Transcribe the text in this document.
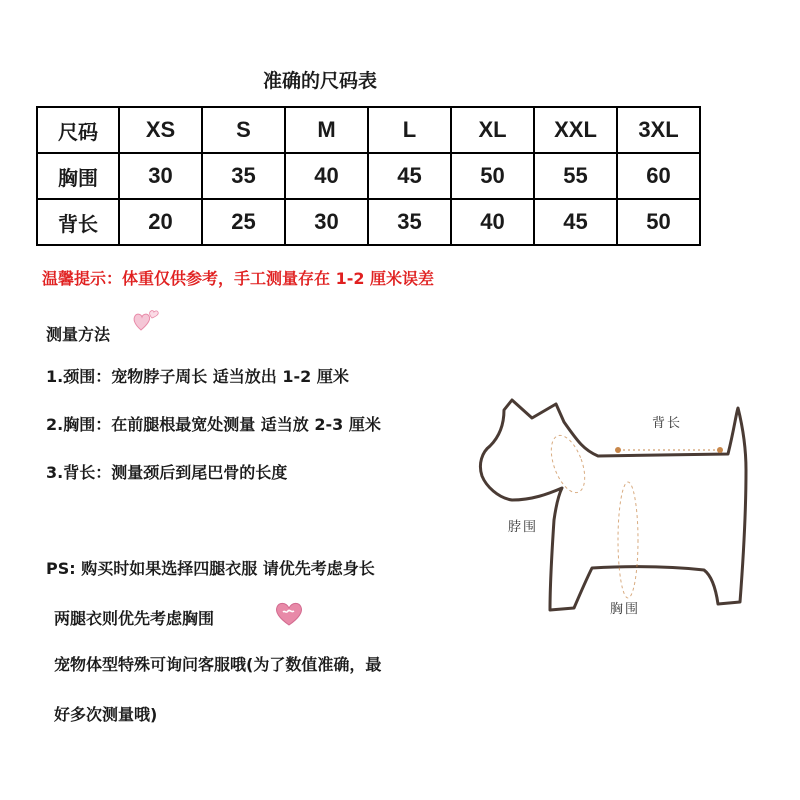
准确的尺码表
尺码	XS	S	M	L	XL	XXL	3XL
胸围	30	35	40	45	50	55	60
背长	20	25	30	35	40	45	50
温馨提示：体重仅供参考，手工测量存在 1-2 厘米误差
测量方法
1.颈围：宠物脖子周长 适当放出 1-2 厘米
2.胸围：在前腿根最宽处测量 适当放 2-3 厘米
3.背长：测量颈后到尾巴骨的长度
PS: 购买时如果选择四腿衣服 请优先考虑身长
两腿衣则优先考虑胸围
宠物体型特殊可询问客服哦(为了数值准确，最
好多次测量哦)
背长
脖围
胸围
